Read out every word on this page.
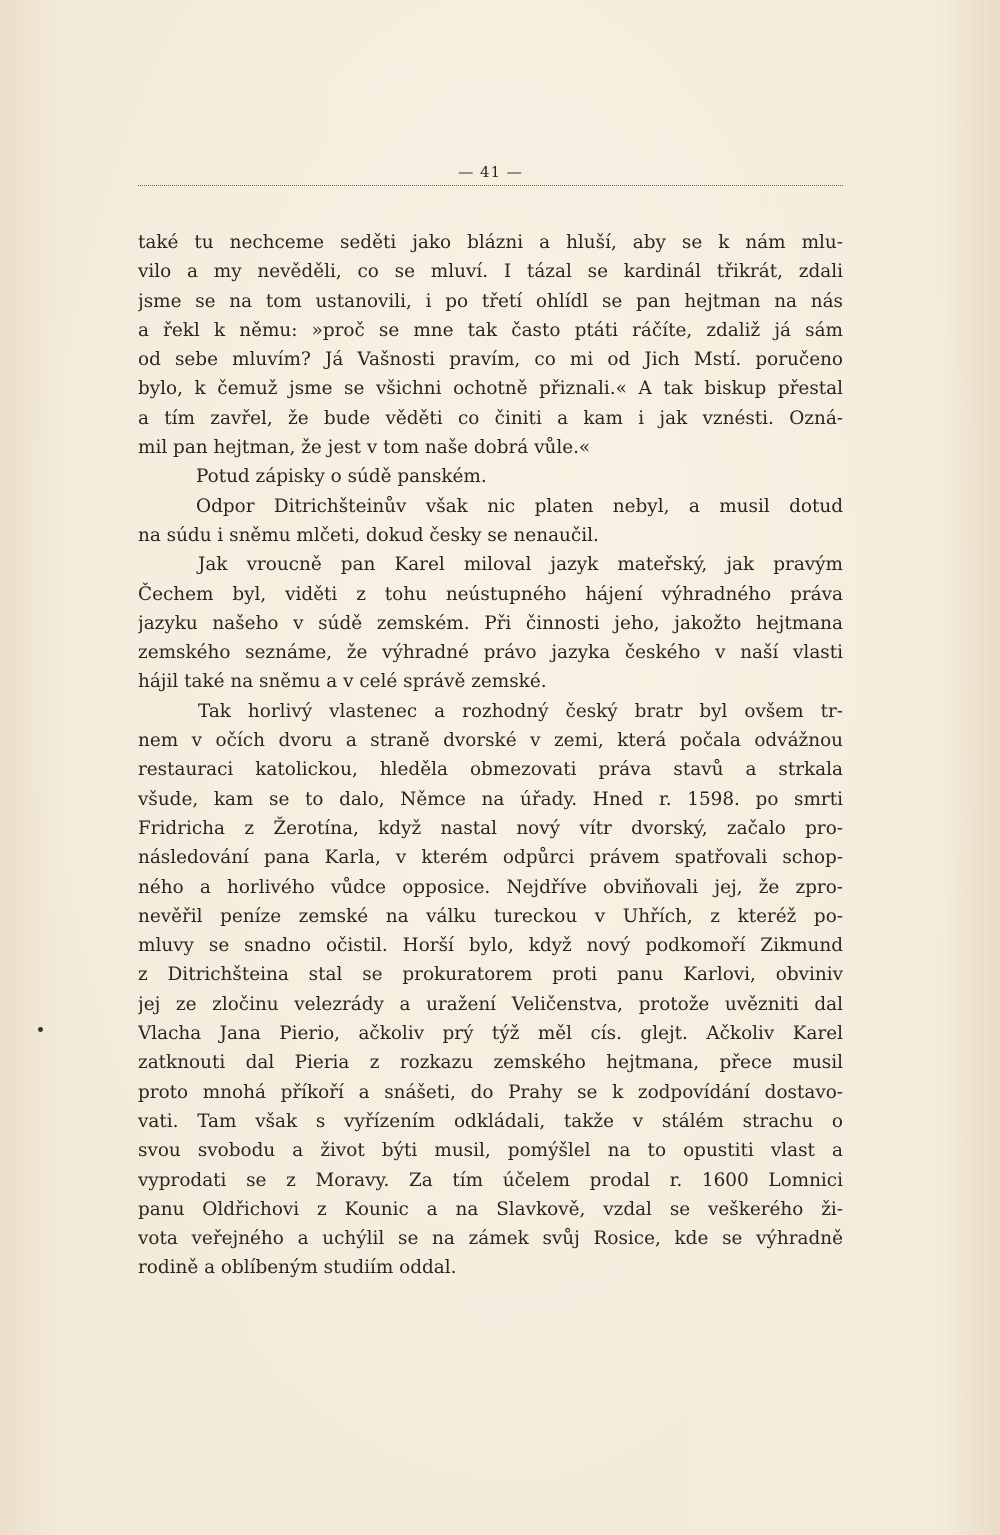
— 41 —

také tu nechceme seděti jako blázni a hluší, aby se k nám mlu-

vilo a my nevěděli, co se mluví. I tázal se kardinál třikrát, zdali

jsme se na tom ustanovili, i po třetí ohlídl se pan hejtman na nás

a řekl k němu: »proč se mne tak často ptáti ráčíte, zdaliž já sám

od sebe mluvím? Já Vašnosti pravím, co mi od Jich Mstí. poručeno

bylo, k čemuž jsme se všichni ochotně přiznali.« A tak biskup přestal

a tím zavřel, že bude věděti co činiti a kam i jak vznésti. Ozná-

mil pan hejtman, že jest v tom naše dobrá vůle.«

Potud zápisky o súdě panském.

Odpor Ditrichšteinův však nic platen nebyl, a musil dotud

na súdu i sněmu mlčeti, dokud česky se nenaučil.

Jak vroucně pan Karel miloval jazyk mateřský, jak pravým

Čechem byl, viděti z tohu neústupného hájení výhradného práva

jazyku našeho v súdě zemském. Při činnosti jeho, jakožto hejtmana

zemského seznáme, že výhradné právo jazyka českého v naší vlasti

hájil také na sněmu a v celé správě zemské.

Tak horlivý vlastenec a rozhodný český bratr byl ovšem tr-

nem v očích dvoru a straně dvorské v zemi, která počala odvážnou

restauraci katolickou, hleděla obmezovati práva stavů a strkala

všude, kam se to dalo, Němce na úřady. Hned r. 1598. po smrti

Fridricha z Žerotína, když nastal nový vítr dvorský, začalo pro-

následování pana Karla, v kterém odpůrci právem spatřovali schop-

ného a horlivého vůdce opposice. Nejdříve obviňovali jej, že zpro-

nevěřil peníze zemské na válku tureckou v Uhřích, z kteréž po-

mluvy se snadno očistil. Horší bylo, když nový podkomoří Zikmund

z Ditrichšteina stal se prokuratorem proti panu Karlovi, obviniv

jej ze zločinu velezrády a uražení Veličenstva, protože uvězniti dal

Vlacha Jana Pierio, ačkoliv prý týž měl cís. glejt. Ačkoliv Karel

zatknouti dal Pieria z rozkazu zemského hejtmana, přece musil

proto mnohá příkoří a snášeti, do Prahy se k zodpovídání dostavo-

vati. Tam však s vyřízením odkládali, takže v stálém strachu o

svou svobodu a život býti musil, pomýšlel na to opustiti vlast a

vyprodati se z Moravy. Za tím účelem prodal r. 1600 Lomnici

panu Oldřichovi z Kounic a na Slavkově, vzdal se veškerého ži-

vota veřejného a uchýlil se na zámek svůj Rosice, kde se výhradně

rodině a oblíbeným studiím oddal.
